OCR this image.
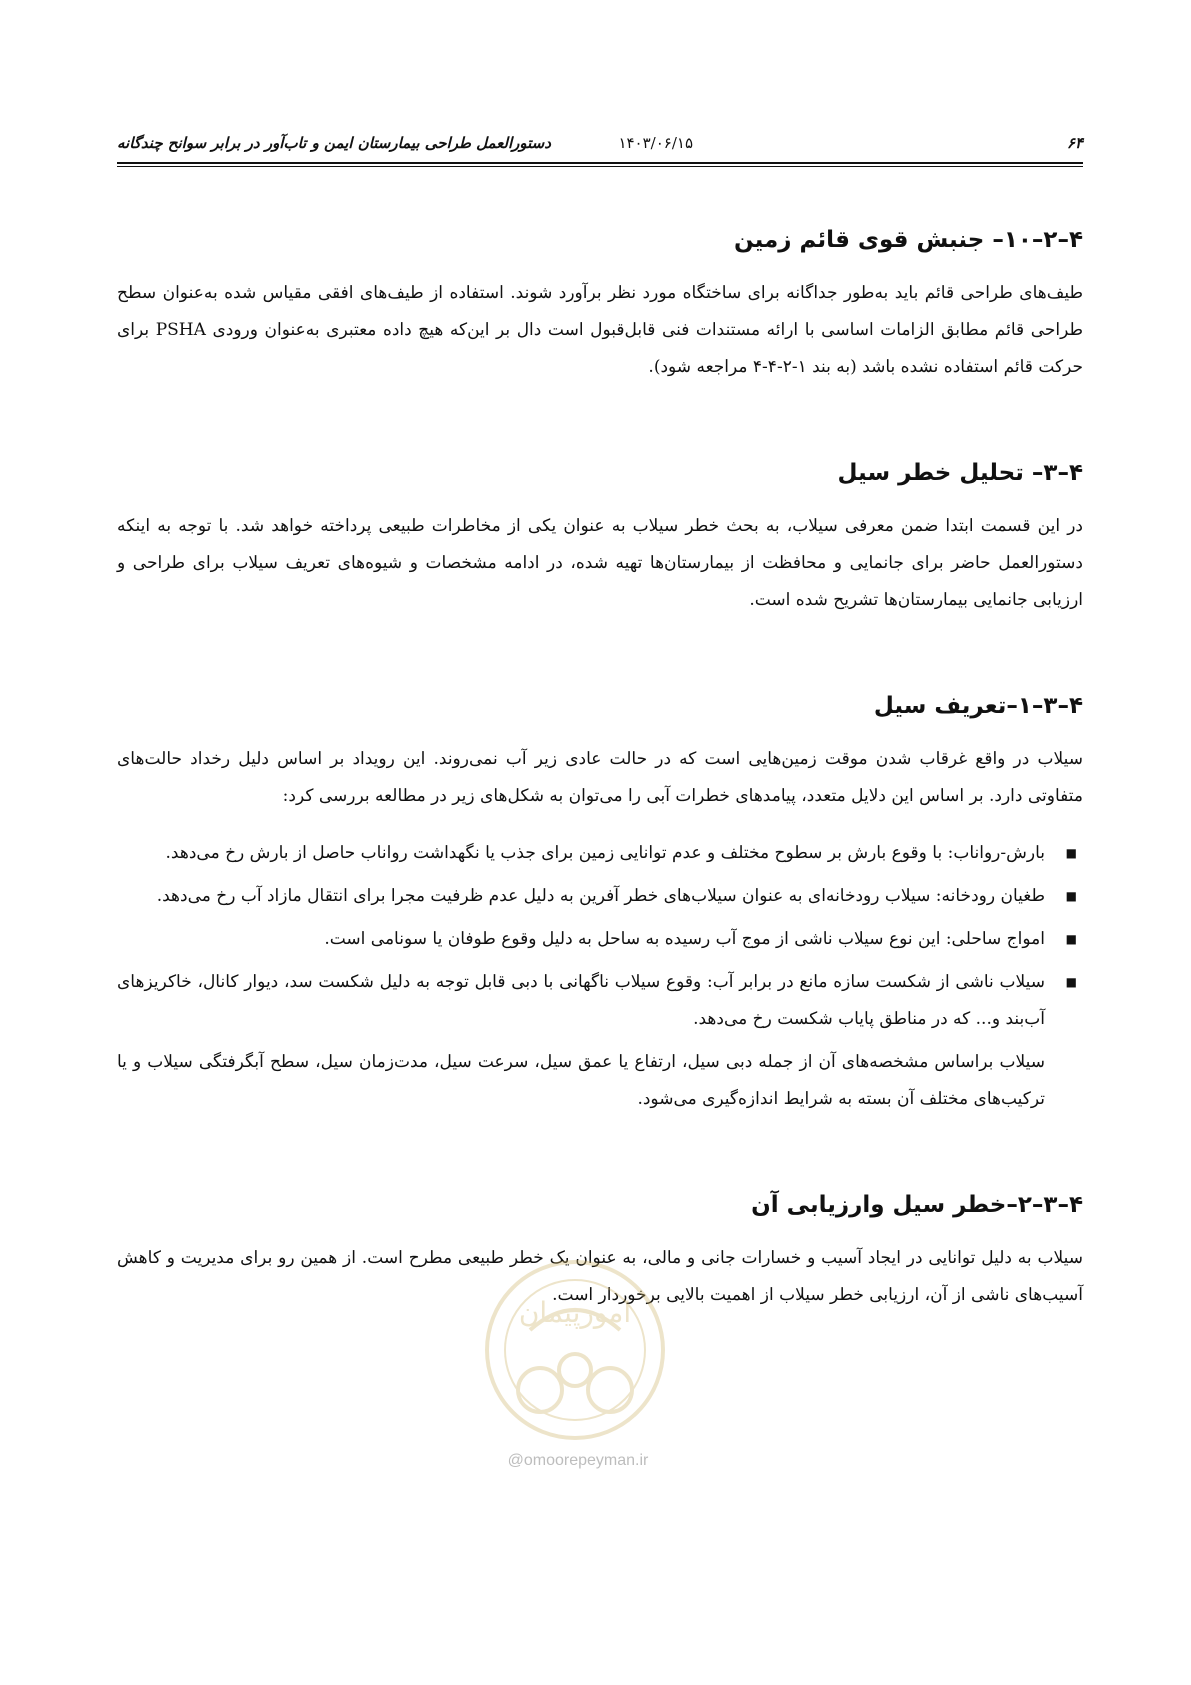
۶۴
۱۴۰۳/۰۶/۱۵
دستورالعمل طراحی بیمارستان ایمن و تاب‌آور در برابر سوانح چندگانه
۴–۲–۱۰– جنبش قوی قائم زمین

طیف‌های طراحی قائم باید به‌طور جداگانه برای ساختگاه مورد نظر برآورد شوند. استفاده از طیف‌های افقی مقیاس شده به‌عنوان سطح طراحی قائم مطابق الزامات اساسی با ارائه مستندات فنی قابل‌قبول است دال بر این‌که هیچ داده معتبری به‌عنوان ورودی PSHA برای حرکت قائم استفاده نشده باشد (به بند ۱-۲-۴-۴ مراجعه شود).

۴–۳– تحلیل خطر سیل

در این قسمت ابتدا ضمن معرفی سیلاب، به بحث خطر سیلاب به عنوان یکی از مخاطرات طبیعی پرداخته خواهد شد. با توجه به اینکه دستورالعمل حاضر برای جانمایی و محافظت از بیمارستان‌ها تهیه شده، در ادامه مشخصات و شیوه‌های تعریف سیلاب برای طراحی و ارزیابی جانمایی بیمارستان‌ها تشریح شده است.

۴–۳–۱–تعریف سیل

سیلاب در واقع غرقاب شدن موقت زمین‌هایی است که در حالت عادی زیر آب نمی‌روند. این رویداد بر اساس دلیل رخداد حالت‌های متفاوتی دارد. بر اساس این دلایل متعدد، پیامدهای خطرات آبی را می‌توان به شکل‌های زیر در مطالعه بررسی کرد:

■
بارش-رواناب: با وقوع بارش بر سطوح مختلف و عدم توانایی زمین برای جذب یا نگهداشت رواناب حاصل از بارش رخ می‌دهد.
■
طغیان رودخانه: سیلاب رودخانه‌ای به عنوان سیلاب‌های خطر آفرین به دلیل عدم ظرفیت مجرا برای انتقال مازاد آب رخ می‌دهد.
■
امواج ساحلی: این نوع سیلاب ناشی از موج آب رسیده به ساحل به دلیل وقوع طوفان یا سونامی است.
■
سیلاب ناشی از شکست سازه مانع در برابر آب: وقوع سیلاب ناگهانی با دبی قابل توجه به دلیل شکست سد، دیوار کانال، خاکریزهای آب‌بند و... که در مناطق پایاب شکست رخ می‌دهد.

سیلاب براساس مشخصه‌های آن از جمله دبی سیل، ارتفاع یا عمق سیل، سرعت سیل، مدت‌زمان سیل، سطح آبگرفتگی سیلاب و یا ترکیب‌های مختلف آن بسته به شرایط اندازه‌گیری می‌شود.

۴–۳–۲–خطر سیل وارزیابی آن

سیلاب به دلیل توانایی در ایجاد آسیب و خسارات جانی و مالی، به عنوان یک خطر طبیعی مطرح است. از همین رو برای مدیریت و کاهش آسیب‌های ناشی از آن، ارزیابی خطر سیلاب از اهمیت بالایی برخوردار است.

امورپیمان
@omoorepeyman.ir
